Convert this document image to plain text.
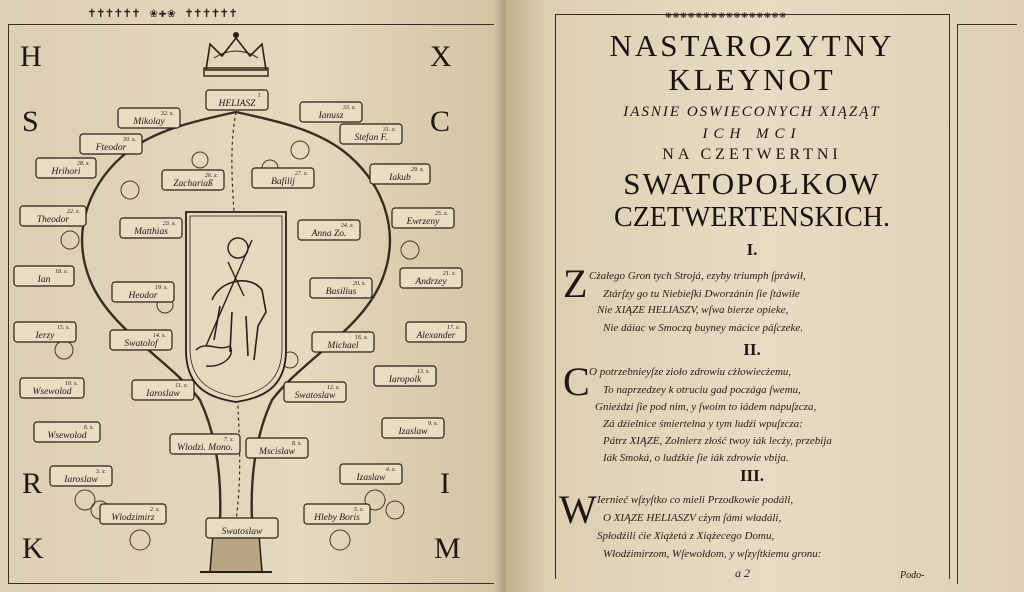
✝✝✝✝✝✝ ❀✚❀ ✝✝✝✝✝✝
H	X
S	C
R	I
K	M
32. x.
Mikolay
1.
HELIASZ	33. x.
Ianusz
30. x.
Fteodor
31. x.
Stefan F.
28. x.
Hrihori	26. x.
Zachariaß
27. x.
Bafilij
29. x.
Iakub
22. x.
Theodor	23. x.
Matthias
24. x.
Anna Zo.
25. x.
Ewrzeny
18. x.
Ian
19. x.
Heodor
20. x.
Basilius
21. x.
Andrzey
15. x.
Ierzy	14. x.
Swatolof
16. x.
Michael
17. x.
Alexander
10. x.
Wsewolod
11. x.
Iaroslaw
12. x.
Swatoslaw
13. x.
Iaropolk
6. x.
Wsewolod	7. x.
Wlodzi. Mono.	8. x.
Mscislaw
9. x.
Izaslaw
3. x.
Iaroslaw
4. x.
Izaslaw
2. x.
Wlodzimirz
5. x.
Hleby Boris
Swatoslaw
❋❋❋❋❋❋❋❋❋❋❋❋❋❋❋❋
NASTAROZYTNY
KLEYNOT
IASNIE OSWIECONYCH XIĄZĄT
ICH MCI
NA CZETWERTNI
SWATOPOŁKOW
CZETWERTENSKICH.
I.
Z Cżałego Gron tych Strojá, ezyby triumph ſpráwił,
Ztárſzy go tu Niebieſki Dworzánin ſie ſtáwiłe
Nie XIĄZE HELIASZV, wſwa bierze opieke,
Nie dáiac w Smoczą buyney mácice páſczeke.
II.
C O potrzebnieyſze zioło zdrowiu cżłowiecżemu,
To naprzedzey k otruciu gad poczága ſwemu,
Gnieździ ſie pod nim, y ſwoim to iádem nápuſzcza,
Zá dźielnice śmiertelna y tym ludźi wpuſzcza:
Pátrz XIĄZE, Zołnierz złość twoy iák lecży, przebija
Iák Smoká, o ludźkie ſie iák zdrowie vbija.
III.
W Iernieć wſzyſtko co mieli Przodkowie podáli,
O XIĄZE HELIASZV cżym ſámi władáli,
Spłodźili ćie Xiążetá z Xiążecego Domu,
Włodźimirzom, Wſewołdom, y wſzyſtkiemu gronu:
a 2	Podo-
